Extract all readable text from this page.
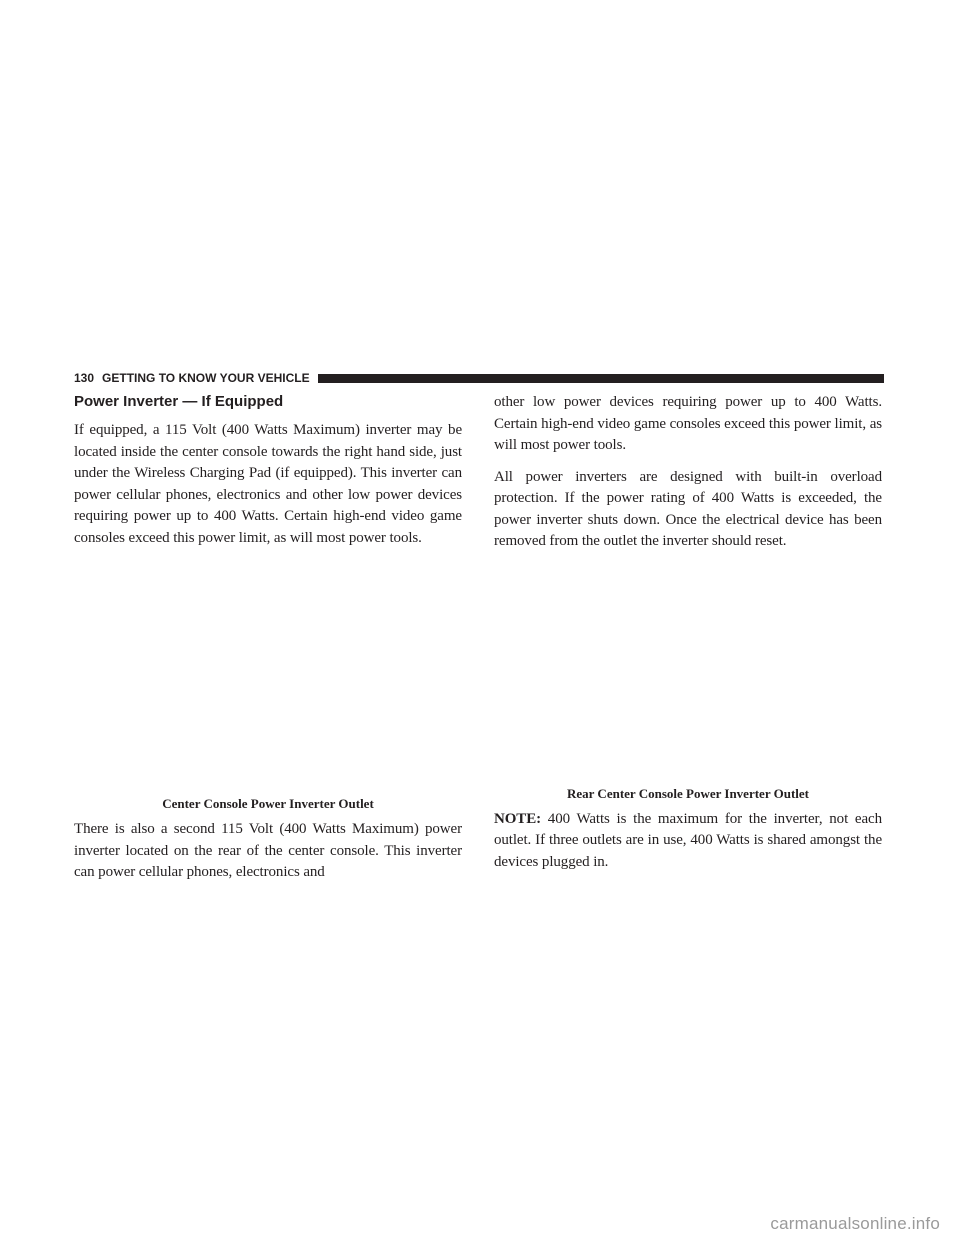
130 GETTING TO KNOW YOUR VEHICLE
Power Inverter — If Equipped

If equipped, a 115 Volt (400 Watts Maximum) inverter may be located inside the center console towards the right hand side, just under the Wireless Charging Pad (if equipped). This inverter can power cellular phones, electronics and other low power devices requiring power up to 400 Watts. Certain high-end video game consoles exceed this power limit, as will most power tools.

Center Console Power Inverter Outlet

There is also a second 115 Volt (400 Watts Maximum) power inverter located on the rear of the center console. This inverter can power cellular phones, electronics and

other low power devices requiring power up to 400 Watts. Certain high-end video game consoles exceed this power limit, as will most power tools.

All power inverters are designed with built-in overload protection. If the power rating of 400 Watts is exceeded, the power inverter shuts down. Once the electrical device has been removed from the outlet the inverter should reset.

Rear Center Console Power Inverter Outlet

NOTE: 400 Watts is the maximum for the inverter, not each outlet. If three outlets are in use, 400 Watts is shared amongst the devices plugged in.

carmanualsonline.info
